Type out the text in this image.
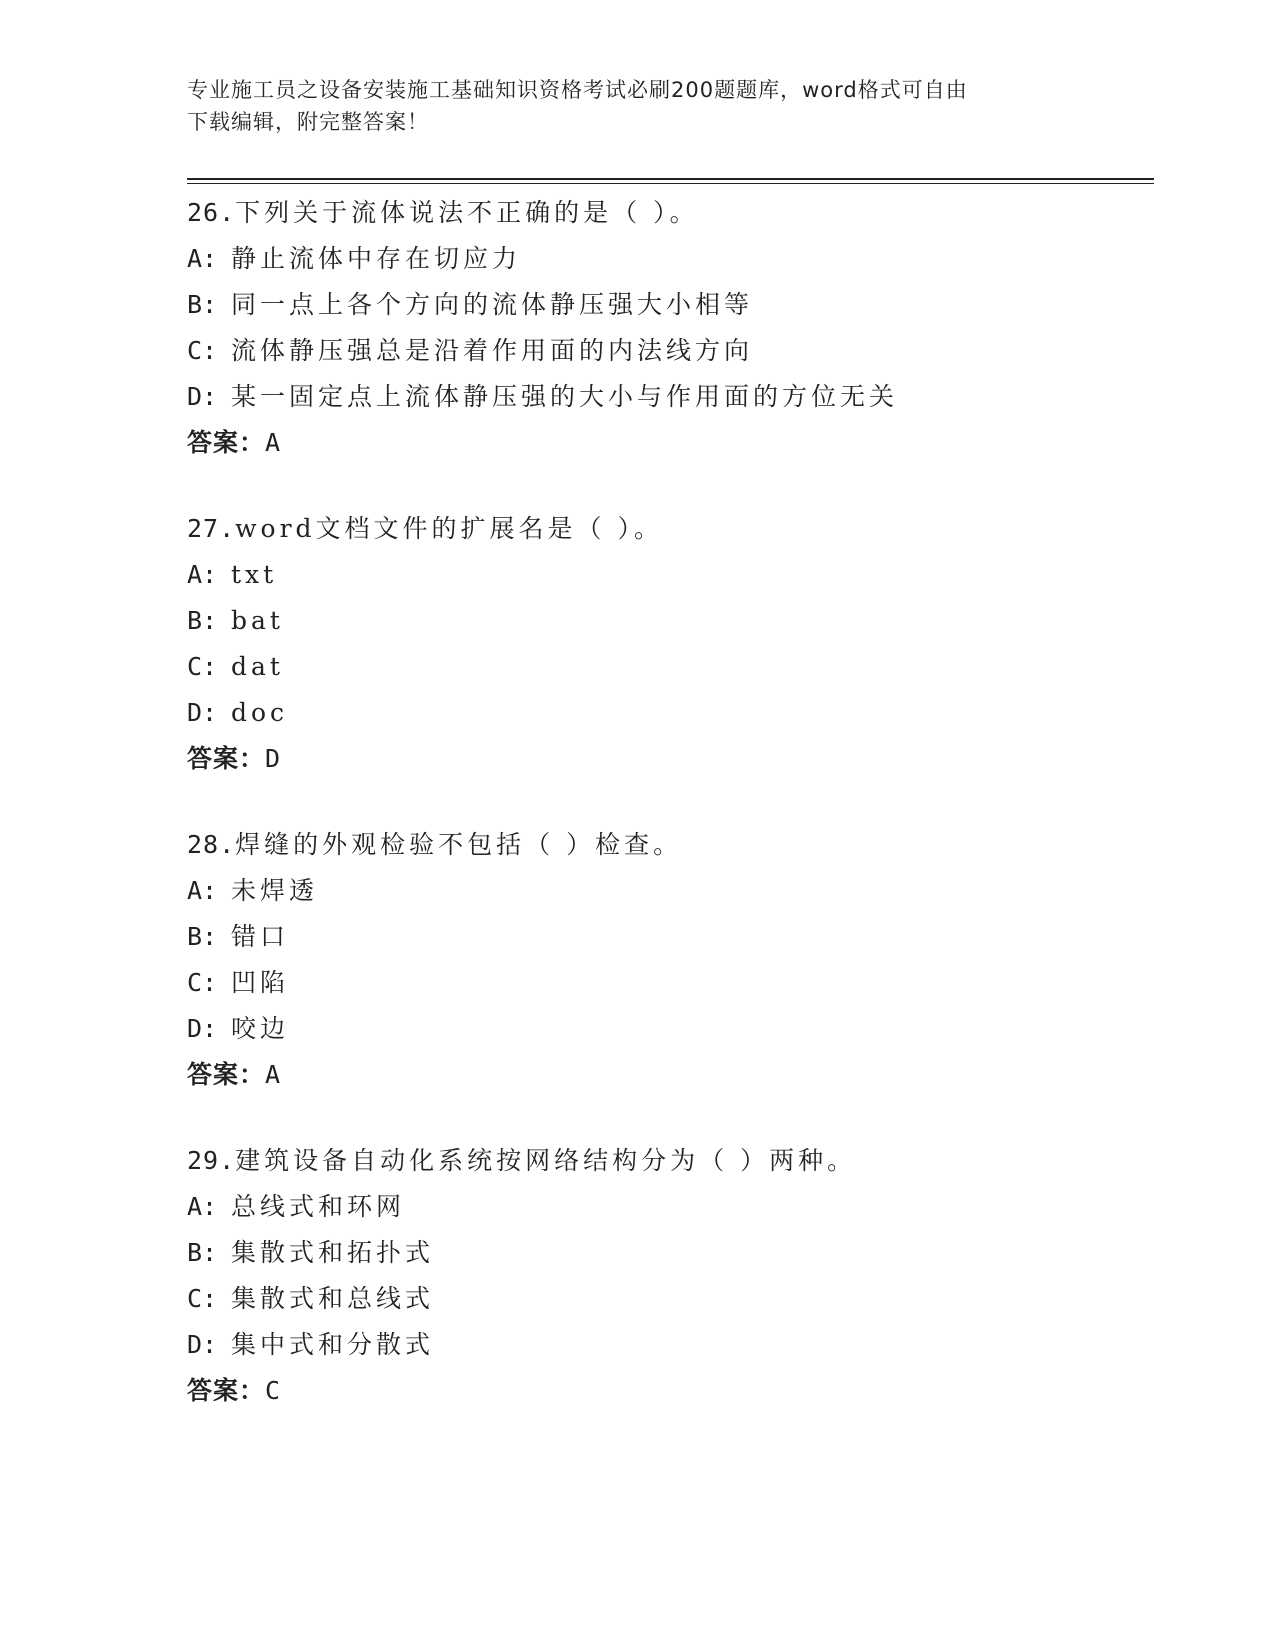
专业施工员之设备安装施工基础知识资格考试必刷200题题库，word格式可自由
下载编辑，附完整答案！
26.下列关于流体说法不正确的是（ ）。
A: 静止流体中存在切应力
B: 同一点上各个方向的流体静压强大小相等
C: 流体静压强总是沿着作用面的内法线方向
D: 某一固定点上流体静压强的大小与作用面的方位无关
答案：A
27.word文档文件的扩展名是（ ）。
A: txt
B: bat
C: dat
D: doc
答案：D
28.焊缝的外观检验不包括（ ）检查。
A: 未焊透
B: 错口
C: 凹陷
D: 咬边
答案：A
29.建筑设备自动化系统按网络结构分为（ ）两种。
A: 总线式和环网
B: 集散式和拓扑式
C: 集散式和总线式
D: 集中式和分散式
答案：C
